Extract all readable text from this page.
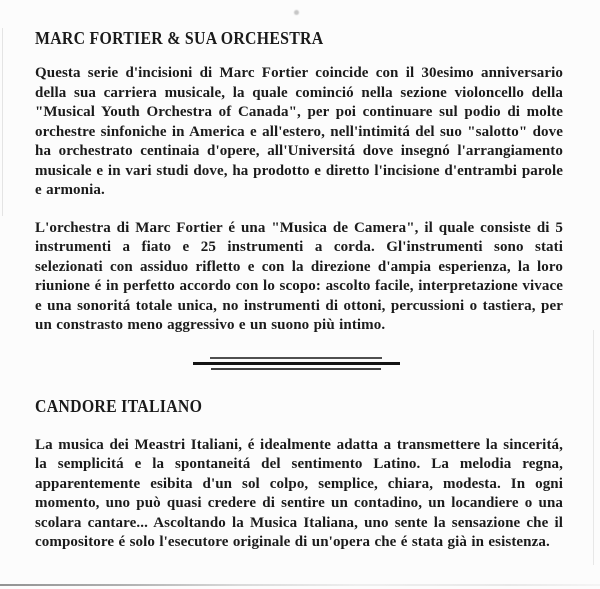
MARC FORTIER & SUA ORCHESTRA

Questa serie d'incisioni di Marc Fortier coincide con il 30esimo anniversario della sua carriera musicale, la quale cominció nella sezione violoncello della "Musical Youth Orchestra of Canada", per poi continuare sul podio di molte orchestre sinfoniche in America e all'estero, nell'intimitá del suo "salotto" dove ha orchestrato centinaia d'opere, all'Universitá dove insegnó l'arrangiamento musicale e in vari studi dove, ha prodotto e diretto l'incisione d'entrambi parole e armonia.

L'orchestra di Marc Fortier é una "Musica de Camera", il quale consiste di 5 instrumenti a fiato e 25 instrumenti a corda. Gl'instrumenti sono stati selezionati con assiduo rifletto e con la direzione d'ampia esperienza, la loro riunione é in perfetto accordo con lo scopo: ascolto facile, interpretazione vivace e una sonoritá totale unica, no instrumenti di ottoni, percussioni o tastiera, per un constrasto meno aggressivo e un suono più intimo.

CANDORE ITALIANO

La musica dei Meastri Italiani, é idealmente adatta a transmettere la sinceritá, la semplicitá e la spontaneitá del sentimento Latino. La melodia regna, apparentemente esibita d'un sol colpo, semplice, chiara, modesta. In ogni momento, uno può quasi credere di sentire un contadino, un locandiere o una scolara cantare... Ascoltando la Musica Italiana, uno sente la sensazione che il compositore é solo l'esecutore originale di un'opera che é stata già in esistenza.
